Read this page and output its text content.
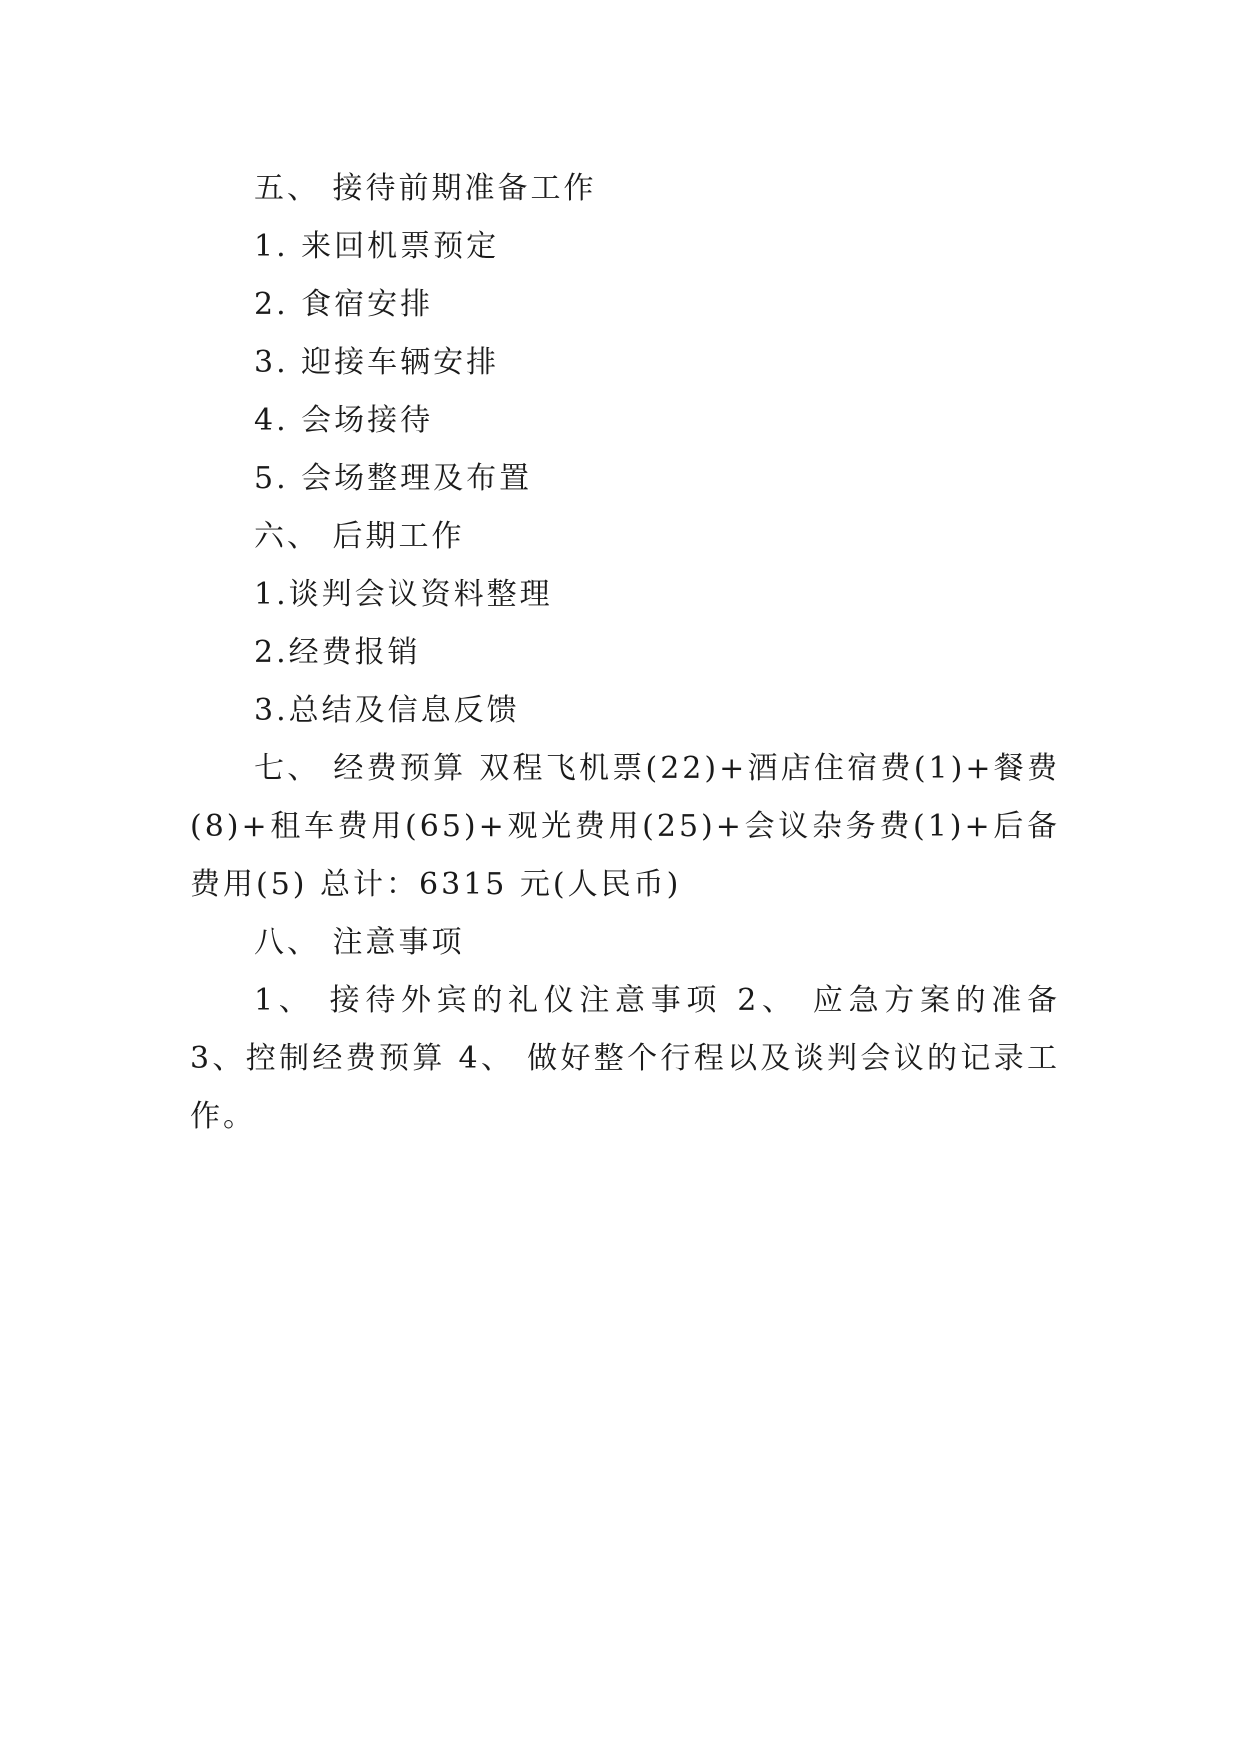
五、 接待前期准备工作
1. 来回机票预定
2. 食宿安排
3. 迎接车辆安排
4. 会场接待
5. 会场整理及布置
六、 后期工作
1.谈判会议资料整理
2.经费报销
3.总结及信息反馈
七、 经费预算 双程飞机票(22)+酒店住宿费(1)+餐费(8)+租车费用(65)+观光费用(25)+会议杂务费(1)+后备费用(5) 总计：6315 元(人民币)
八、 注意事项
1、 接待外宾的礼仪注意事项 2、 应急方案的准备 3、控制经费预算 4、 做好整个行程以及谈判会议的记录工作。
